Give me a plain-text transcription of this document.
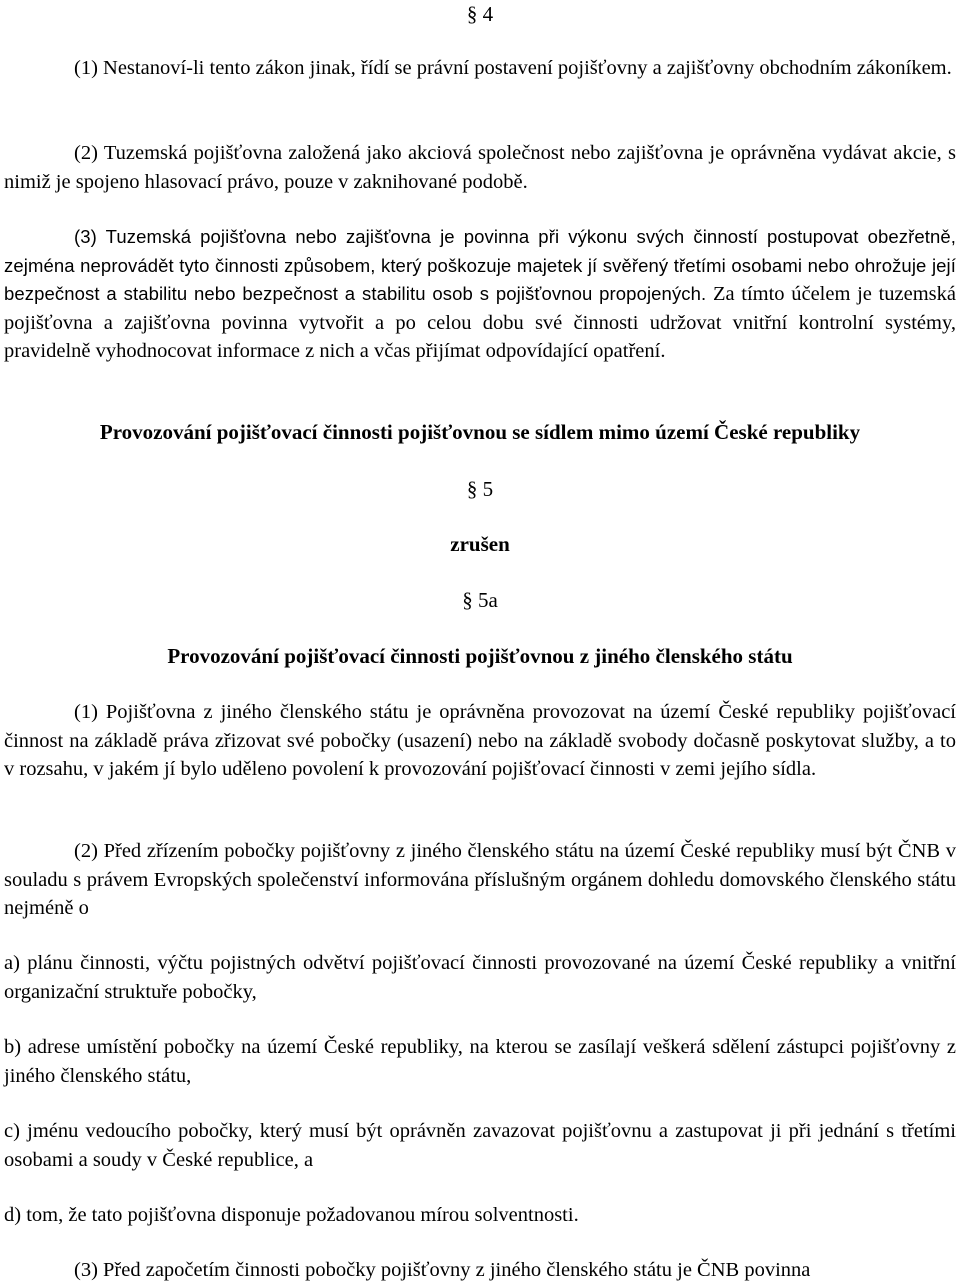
§ 4

(1) Nestanoví-li tento zákon jinak, řídí se právní postavení pojišťovny a zajišťovny obchodním zákoníkem.

(2) Tuzemská pojišťovna založená jako akciová společnost nebo zajišťovna je oprávněna vydávat akcie, s nimiž je spojeno hlasovací právo, pouze v zaknihované podobě.

(3) Tuzemská pojišťovna nebo zajišťovna je povinna při výkonu svých činností postupovat obezřetně, zejména neprovádět tyto činnosti způsobem, který poškozuje majetek jí svěřený třetími osobami nebo ohrožuje její bezpečnost a stabilitu nebo bezpečnost a stabilitu osob s pojišťovnou propojených. Za tímto účelem je tuzemská pojišťovna a zajišťovna povinna vytvořit a po celou dobu své činnosti udržovat vnitřní kontrolní systémy, pravidelně vyhodnocovat informace z nich a včas přijímat odpovídající opatření.

Provozování pojišťovací činnosti pojišťovnou se sídlem mimo území České republiky
§ 5
zrušen
§ 5a
Provozování pojišťovací činnosti pojišťovnou z jiného členského státu

(1) Pojišťovna z jiného členského státu je oprávněna provozovat na území České republiky pojišťovací činnost na základě práva zřizovat své pobočky (usazení) nebo na základě svobody dočasně poskytovat služby, a to v rozsahu, v jakém jí bylo uděleno povolení k provozování pojišťovací činnosti v zemi jejího sídla.

(2) Před zřízením pobočky pojišťovny z jiného členského státu na území České republiky musí být ČNB v souladu s právem Evropských společenství informována příslušným orgánem dohledu domovského členského státu nejméně o

a) plánu činnosti, výčtu pojistných odvětví pojišťovací činnosti provozované na území České republiky a vnitřní organizační struktuře pobočky,

b) adrese umístění pobočky na území České republiky, na kterou se zasílají veškerá sdělení zástupci pojišťovny z jiného členského státu,

c) jménu vedoucího pobočky, který musí být oprávněn zavazovat pojišťovnu a zastupovat ji při jednání s třetími osobami a soudy v České republice, a

d) tom, že tato pojišťovna disponuje požadovanou mírou solventnosti.

(3) Před započetím činnosti pobočky pojišťovny z jiného členského státu je ČNB povinna
